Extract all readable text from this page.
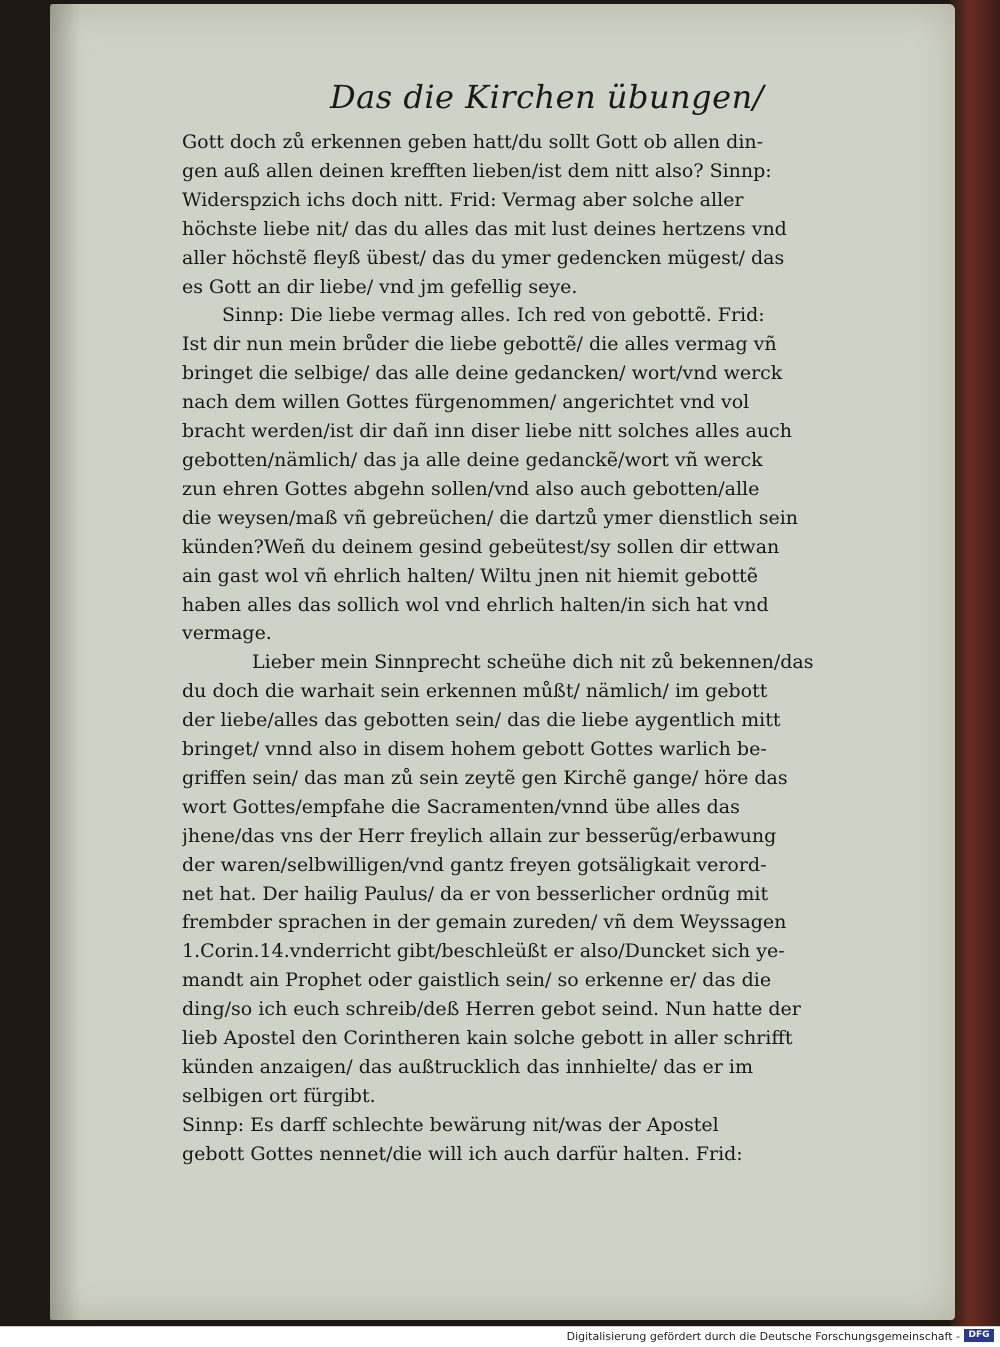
Das die Kirchen übungen/
Gott doch zů erkennen geben hatt/du sollt Gott ob allen din-
gen auß allen deinen krefften lieben/ist dem nitt also? Sinnp:
Widerspzich ichs doch nitt. Frid: Vermag aber solche aller
höchste liebe nit/ das du alles das mit lust deines hertzens vnd
aller höchstẽ fleyß übest/ das du ymer gedencken mügest/ das
es Gott an dir liebe/ vnd jm gefellig seye.
Sinnp: Die liebe vermag alles. Ich red von gebottẽ. Frid:
Ist dir nun mein brůder die liebe gebottẽ/ die alles vermag vñ
bringet die selbige/ das alle deine gedancken/ wort/vnd werck
nach dem willen Gottes fürgenommen/ angerichtet vnd vol
bracht werden/ist dir dañ inn diser liebe nitt solches alles auch
gebotten/nämlich/ das ja alle deine gedanckẽ/wort vñ werck
zun ehren Gottes abgehn sollen/vnd also auch gebotten/alle
die weysen/maß vñ gebreüchen/ die dartzů ymer dienstlich sein
künden?Weñ du deinem gesind gebeütest/sy sollen dir ettwan
ain gast wol vñ ehrlich halten/ Wiltu jnen nit hiemit gebottẽ
haben alles das sollich wol vnd ehrlich halten/in sich hat vnd
vermage.
Lieber mein Sinnprecht scheühe dich nit zů bekennen/das
du doch die warhait sein erkennen můßt/ nämlich/ im gebott
der liebe/alles das gebotten sein/ das die liebe aygentlich mitt
bringet/ vnnd also in disem hohem gebott Gottes warlich be-
griffen sein/ das man zů sein zeytẽ gen Kirchẽ gange/ höre das
wort Gottes/empfahe die Sacramenten/vnnd übe alles das
jhene/das vns der Herr freylich allain zur besserũg/erbawung
der waren/selbwilligen/vnd gantz freyen gotsäligkait verord-
net hat. Der hailig Paulus/ da er von besserlicher ordnũg mit
frembder sprachen in der gemain zureden/ vñ dem Weyssagen
1.Corin.14.vnderricht gibt/beschleüßt er also/Duncket sich ye-
mandt ain Prophet oder gaistlich sein/ so erkenne er/ das die
ding/so ich euch schreib/deß Herren gebot seind. Nun hatte der
lieb Apostel den Corintheren kain solche gebott in aller schrifft
künden anzaigen/ das außtrucklich das innhielte/ das er im
selbigen ort fürgibt.
Sinnp: Es darff schlechte bewärung nit/was der Apostel
gebott Gottes nennet/die will ich auch darfür halten. Frid:
Digitalisierung gefördert durch die Deutsche Forschungsgemeinschaft - DFG
